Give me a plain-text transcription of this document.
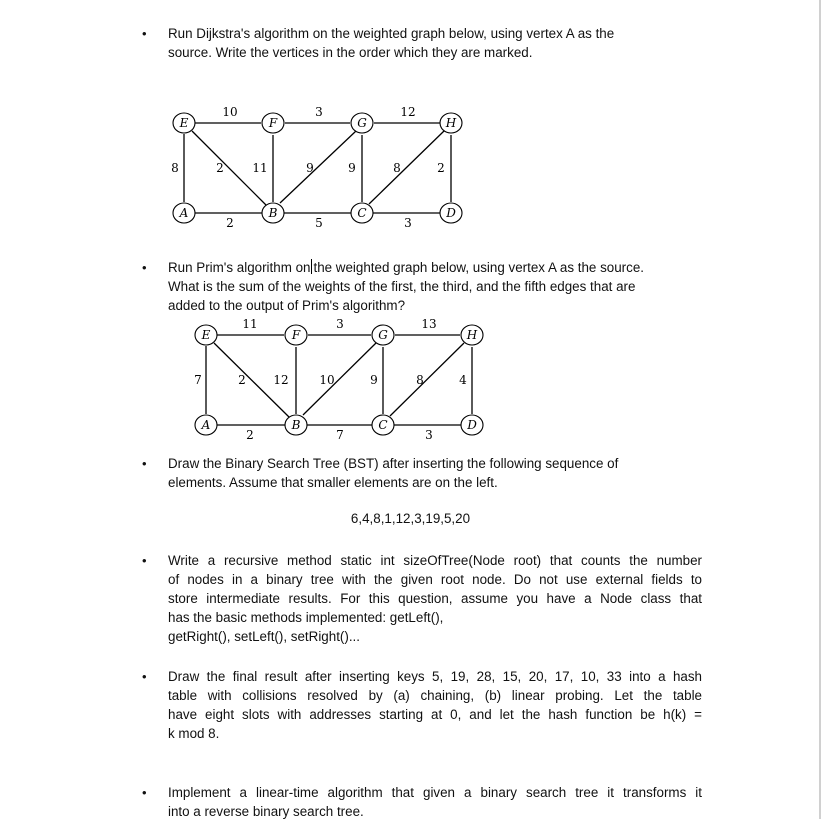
• Run Dijkstra's algorithm on the weighted graph below, using vertex A as the
source. Write the vertices in the order which they are marked.
E	F	G	H
A	B	C	D
10	3	12
8	2 11	9	9	8	2
2	5	3
• Run Prim's algorithm on the weighted graph below, using vertex A as the source.
What is the sum of the weights of the first, the third, and the fifth edges that are
added to the output of Prim's algorithm?
E	F	G	H
A	B	C	D
11	3	13
7	2 12	10	9	8	4
2	7	3
• Draw the Binary Search Tree (BST) after inserting the following sequence of
elements. Assume that smaller elements are on the left.
6,4,8,1,12,3,19,5,20
• Write a recursive method static int sizeOfTree(Node root) that counts the number
of nodes in a binary tree with the given root node. Do not use external fields to
store intermediate results. For this question, assume you have a Node class that
has the basic methods implemented: getLeft(),
getRight(), setLeft(), setRight()...
• Draw the final result after inserting keys 5, 19, 28, 15, 20, 17, 10, 33 into a hash
table with collisions resolved by (a) chaining, (b) linear probing. Let the table
have eight slots with addresses starting at 0, and let the hash function be h(k) =
k mod 8.
• Implement a linear-time algorithm that given a binary search tree it transforms it
into a reverse binary search tree.
